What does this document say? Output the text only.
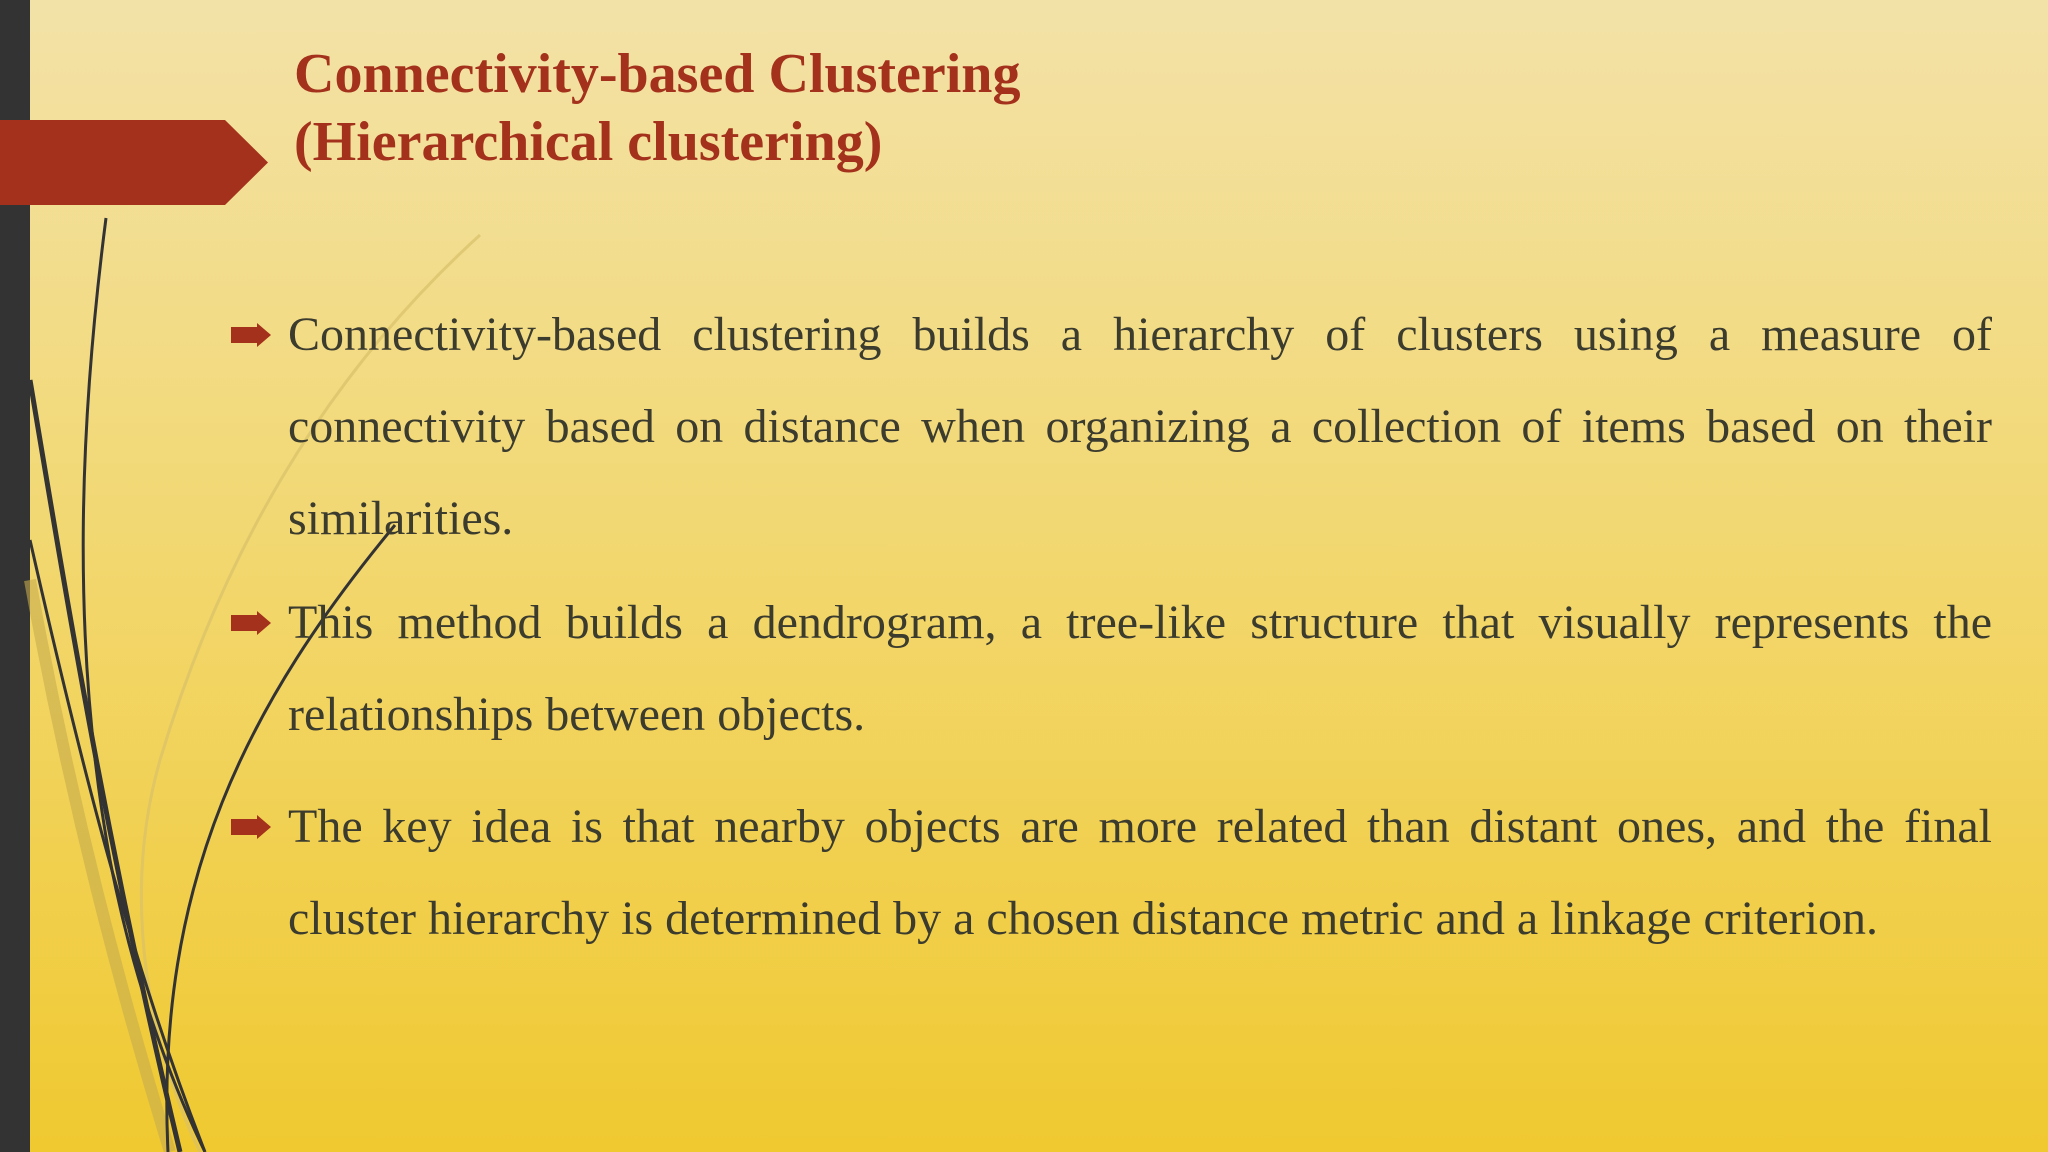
Connectivity-based Clustering
(Hierarchical clustering)
Connectivity-based clustering builds a hierarchy of clusters using a measure of connectivity based on distance when organizing a collection of items based on their similarities.
This method builds a dendrogram, a tree-like structure that visually represents the relationships between objects.
The key idea is that nearby objects are more related than distant ones, and the final cluster hierarchy is determined by a chosen distance metric and a linkage criterion.
